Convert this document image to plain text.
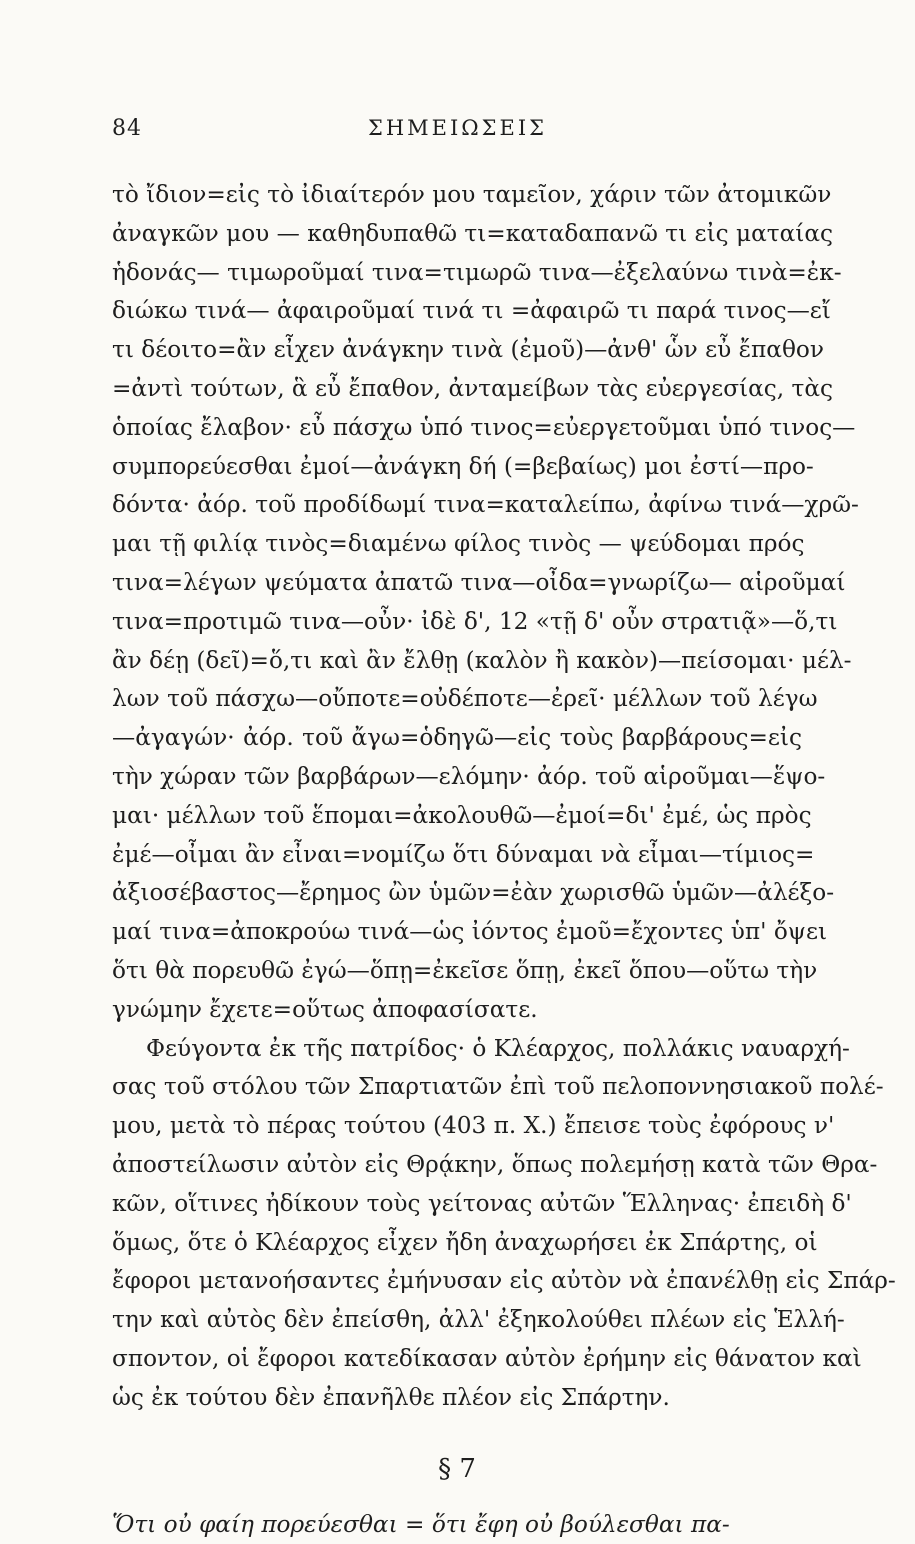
84	ΣΗΜΕΙΩΣΕΙΣ

τὸ ἴδιον=εἰς τὸ ἰδιαίτερόν μου ταμεῖον, χάριν τῶν ἀτομικῶν
ἀναγκῶν μου — καθηδυπαθῶ τι=καταδαπανῶ τι εἰς ματαίας
ἡδονάς— τιμωροῦμαί τινα=τιμωρῶ τινα—ἐξελαύνω τινὰ=ἐκ-
διώκω τινά— ἀφαιροῦμαί τινά τι =ἀφαιρῶ τι παρά τινος—εἴ
τι δέοιτο=ἂν εἶχεν ἀνάγκην τινὰ (ἐμοῦ)—ἀνθ' ὧν εὖ ἔπαθον
=ἀντὶ τούτων, ἃ εὖ ἔπαθον, ἀνταμείβων τὰς εὐεργεσίας, τὰς
ὁποίας ἔλαβον· εὖ πάσχω ὑπό τινος=εὐεργετοῦμαι ὑπό τινος—
συμπορεύεσθαι ἐμοί—ἀνάγκη δή (=βεβαίως) μοι ἐστί—προ-
δόντα· ἀόρ. τοῦ προδίδωμί τινα=καταλείπω, ἀφίνω τινά—χρῶ-
μαι τῇ φιλίᾳ τινὸς=διαμένω φίλος τινὸς — ψεύδομαι πρός
τινα=λέγων ψεύματα ἀπατῶ τινα—οἶδα=γνωρίζω— αἱροῦμαί
τινα=προτιμῶ τινα—οὖν· ἰδὲ δ', 12 «τῇ δ' οὖν στρατιᾷ»—ὅ,τι
ἂν δέῃ (δεῖ)=ὅ,τι καὶ ἂν ἔλθῃ (καλὸν ἢ κακὸν)—πείσομαι· μέλ-
λων τοῦ πάσχω—οὔποτε=οὐδέποτε—ἐρεῖ· μέλλων τοῦ λέγω
—ἀγαγών· ἀόρ. τοῦ ἄγω=ὁδηγῶ—εἰς τοὺς βαρβάρους=εἰς
τὴν χώραν τῶν βαρβάρων—ελόμην· ἀόρ. τοῦ αἱροῦμαι—ἕψο-
μαι· μέλλων τοῦ ἕπομαι=ἀκολουθῶ—ἐμοί=δι' ἐμέ, ὡς πρὸς
ἐμέ—οἶμαι ἂν εἶναι=νομίζω ὅτι δύναμαι νὰ εἶμαι—τίμιος=
ἀξιοσέβαστος—ἔρημος ὢν ὑμῶν=ἐὰν χωρισθῶ ὑμῶν—ἀλέξο-
μαί τινα=ἀποκρούω τινά—ὡς ἰόντος ἐμοῦ=ἔχοντες ὑπ' ὄψει
ὅτι θὰ πορευθῶ ἐγώ—ὅπῃ=ἐκεῖσε ὅπῃ, ἐκεῖ ὅπου—οὕτω τὴν
γνώμην ἔχετε=οὕτως ἀποφασίσατε.

Φεύγοντα ἐκ τῆς πατρίδος· ὁ Κλέαρχος, πολλάκις ναυαρχή-
σας τοῦ στόλου τῶν Σπαρτιατῶν ἐπὶ τοῦ πελοποννησιακοῦ πολέ-
μου, μετὰ τὸ πέρας τούτου (403 π. Χ.) ἔπεισε τοὺς ἐφόρους ν'
ἀποστείλωσιν αὐτὸν εἰς Θρᾴκην, ὅπως πολεμήσῃ κατὰ τῶν Θρα-
κῶν, οἵτινες ἠδίκουν τοὺς γείτονας αὐτῶν Ἕλληνας· ἐπειδὴ δ'
ὅμως, ὅτε ὁ Κλέαρχος εἶχεν ἤδη ἀναχωρήσει ἐκ Σπάρτης, οἱ
ἔφοροι μετανοήσαντες ἐμήνυσαν εἰς αὐτὸν νὰ ἐπανέλθῃ εἰς Σπάρ-
την καὶ αὐτὸς δὲν ἐπείσθη, ἀλλ' ἐξηκολούθει πλέων εἰς Ἑλλή-
σποντον, οἱ ἔφοροι κατεδίκασαν αὐτὸν ἐρήμην εἰς θάνατον καὶ
ὡς ἐκ τούτου δὲν ἐπανῆλθε πλέον εἰς Σπάρτην.

§ 7

Ὅτι οὐ φαίη πορεύεσθαι = ὅτι ἔφη οὐ βούλεσθαι πα-
